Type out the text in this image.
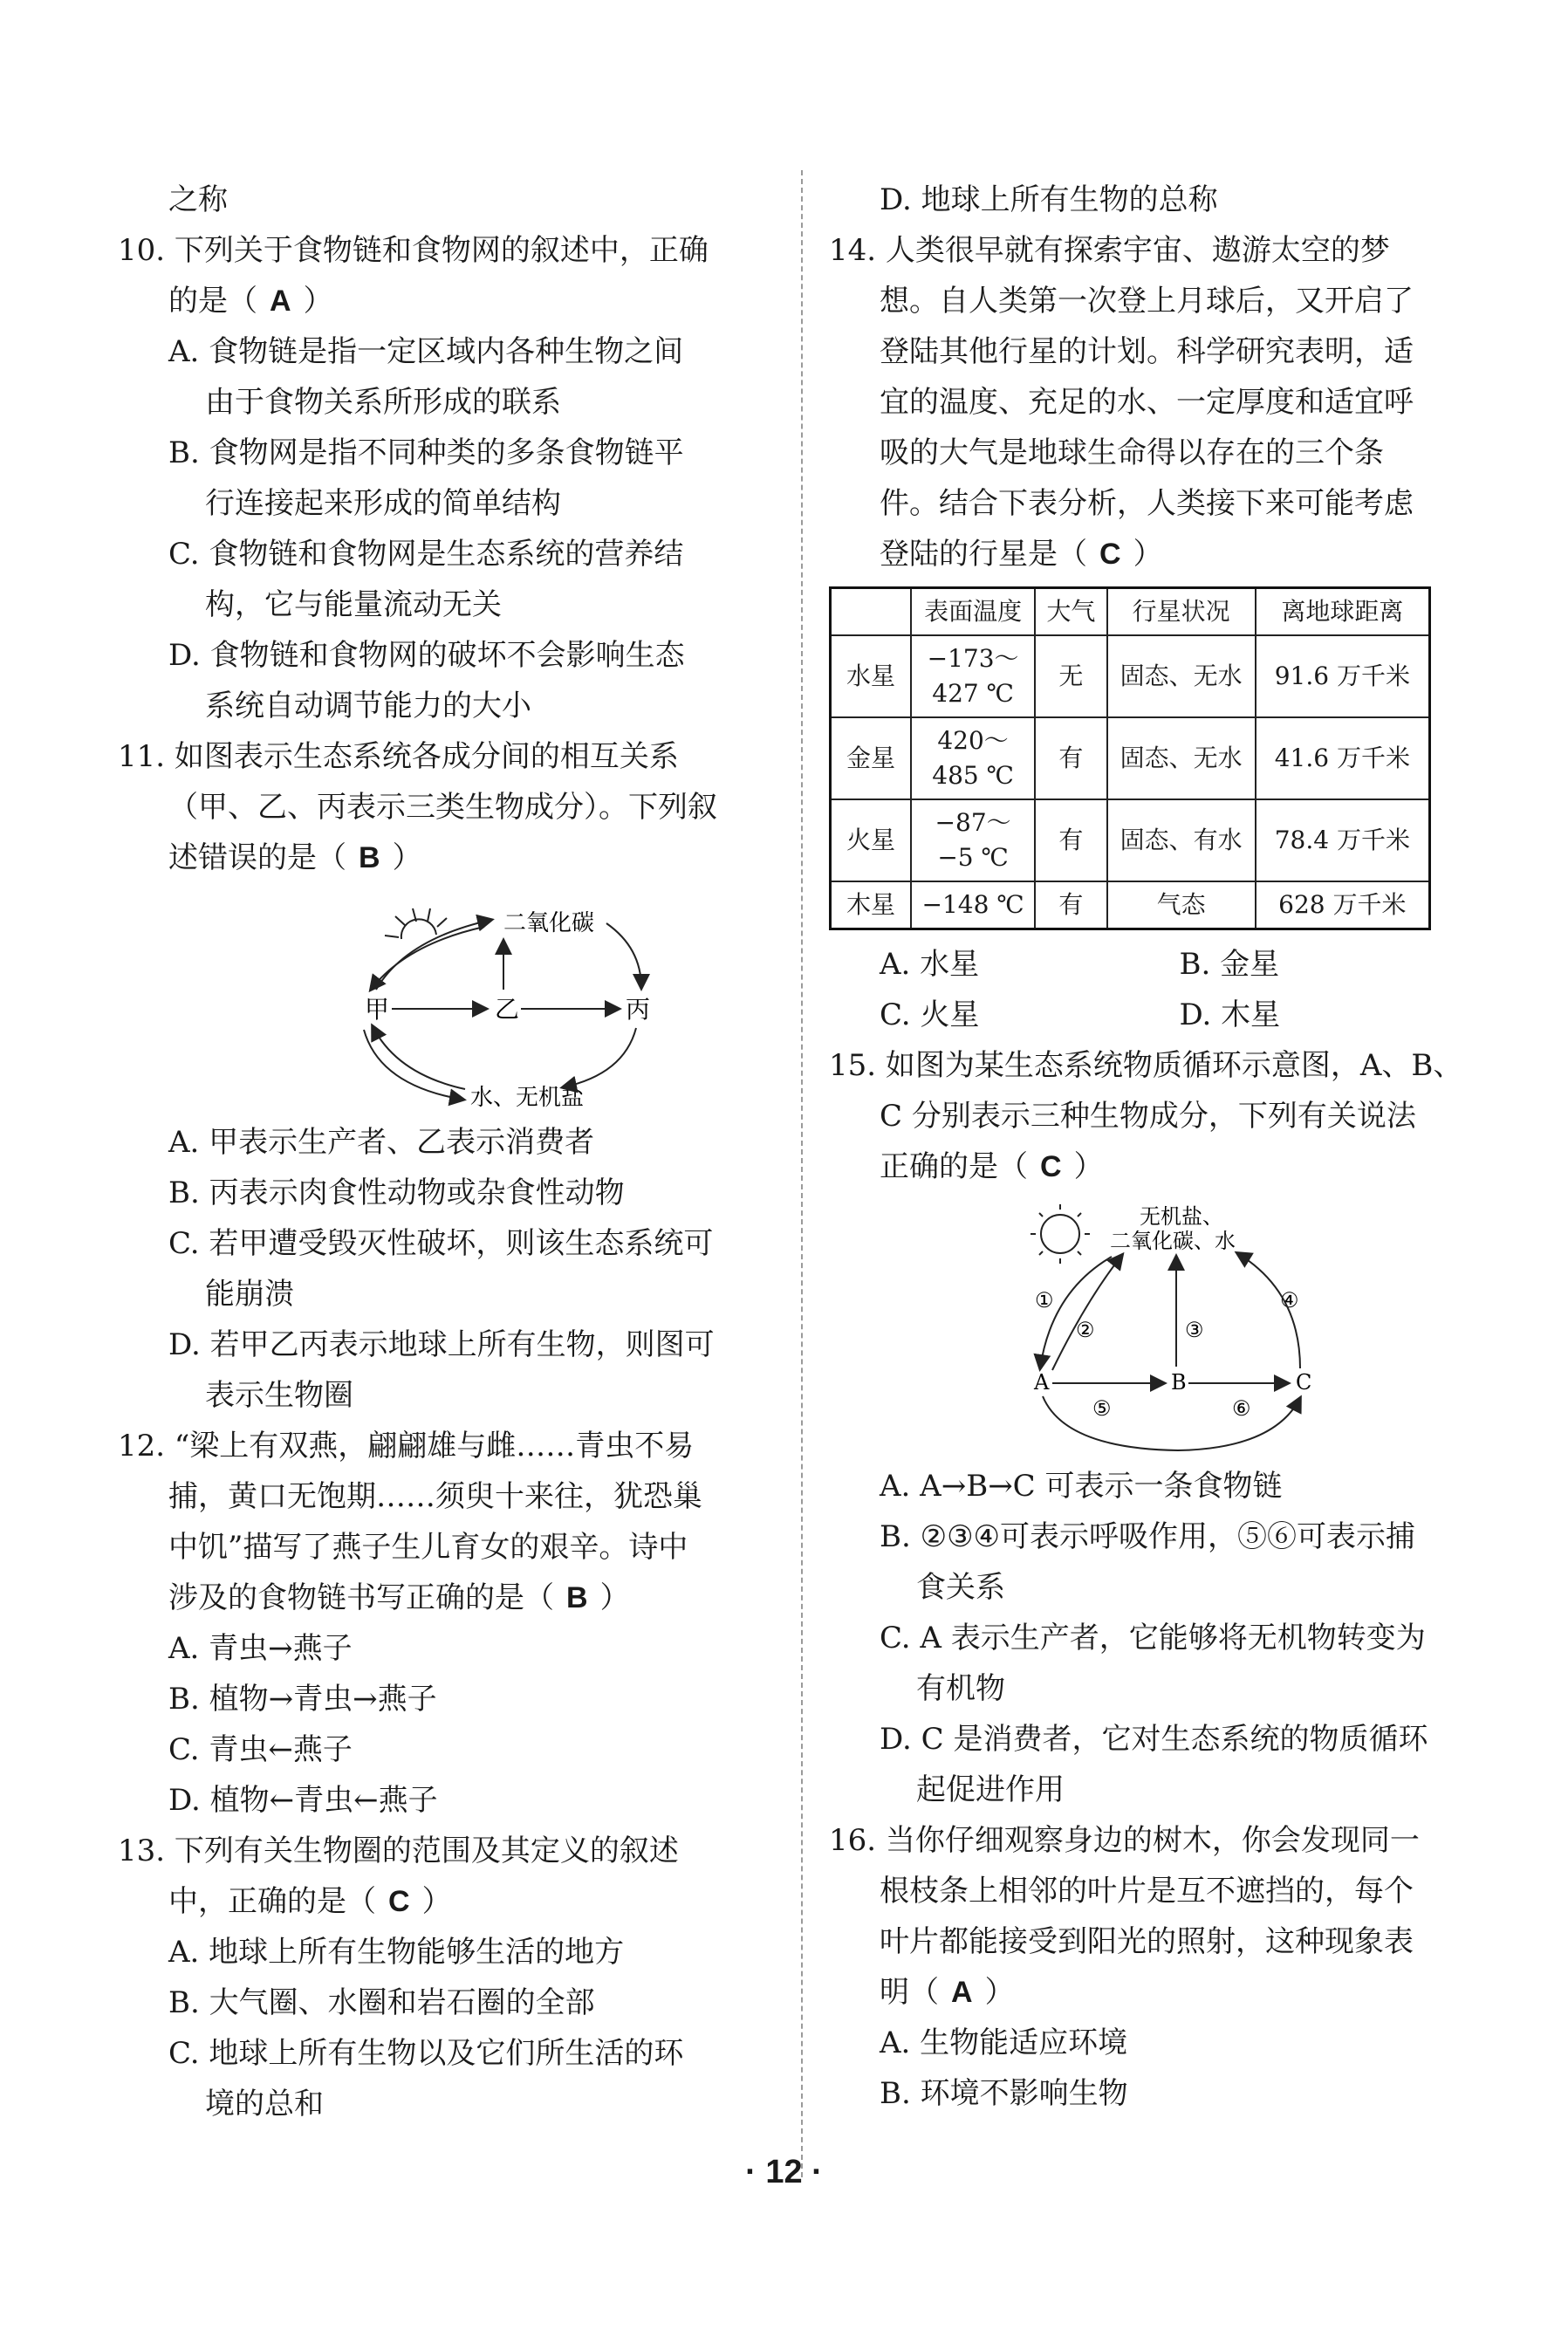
之称
10. 下列关于食物链和食物网的叙述中，正确
的是（ A ）
A. 食物链是指一定区域内各种生物之间
由于食物关系所形成的联系
B. 食物网是指不同种类的多条食物链平
行连接起来形成的简单结构
C. 食物链和食物网是生态系统的营养结
构，它与能量流动无关
D. 食物链和食物网的破坏不会影响生态
系统自动调节能力的大小
11. 如图表示生态系统各成分间的相互关系
（甲、乙、丙表示三类生物成分）。下列叙
述错误的是（ B ）
二氧化碳
甲	乙	丙
水、无机盐
A. 甲表示生产者、乙表示消费者
B. 丙表示肉食性动物或杂食性动物
C. 若甲遭受毁灭性破坏，则该生态系统可
能崩溃
D. 若甲乙丙表示地球上所有生物，则图可
表示生物圈
12. “梁上有双燕，翩翩雄与雌……青虫不易
捕，黄口无饱期……须臾十来往，犹恐巢
中饥”描写了燕子生儿育女的艰辛。诗中
涉及的食物链书写正确的是（ B ）
A. 青虫→燕子
B. 植物→青虫→燕子
C. 青虫←燕子
D. 植物←青虫←燕子
13. 下列有关生物圈的范围及其定义的叙述
中，正确的是（ C ）
A. 地球上所有生物能够生活的地方
B. 大气圈、水圈和岩石圈的全部
C. 地球上所有生物以及它们所生活的环
境的总和
D. 地球上所有生物的总称
14. 人类很早就有探索宇宙、遨游太空的梦
想。自人类第一次登上月球后，又开启了
登陆其他行星的计划。科学研究表明，适
宜的温度、充足的水、一定厚度和适宜呼
吸的大气是地球生命得以存在的三个条
件。结合下表分析，人类接下来可能考虑
登陆的行星是（ C ）
	表面温度	大气	行星状况	离地球距离
水星	−173～
427 ℃	无	固态、无水	91.6 万千米
金星	420～
485 ℃	有	固态、无水	41.6 万千米
火星	−87～
−5 ℃	有	固态、有水	78.4 万千米
木星	−148 ℃	有	气态	628 万千米
A. 水星	B. 金星
C. 火星	D. 木星
15. 如图为某生态系统物质循环示意图，A、B、
C 分别表示三种生物成分，下列有关说法
正确的是（ C ）
无机盐、
二氧化碳、水
A	B	C
①
②	③
④
⑤	⑥
A. A→B→C 可表示一条食物链
B. ②③④可表示呼吸作用，⑤⑥可表示捕
食关系
C. A 表示生产者，它能够将无机物转变为
有机物
D. C 是消费者，它对生态系统的物质循环
起促进作用
16. 当你仔细观察身边的树木，你会发现同一
根枝条上相邻的叶片是互不遮挡的，每个
叶片都能接受到阳光的照射，这种现象表
明（ A ）
A. 生物能适应环境
B. 环境不影响生物
· 12 ·
